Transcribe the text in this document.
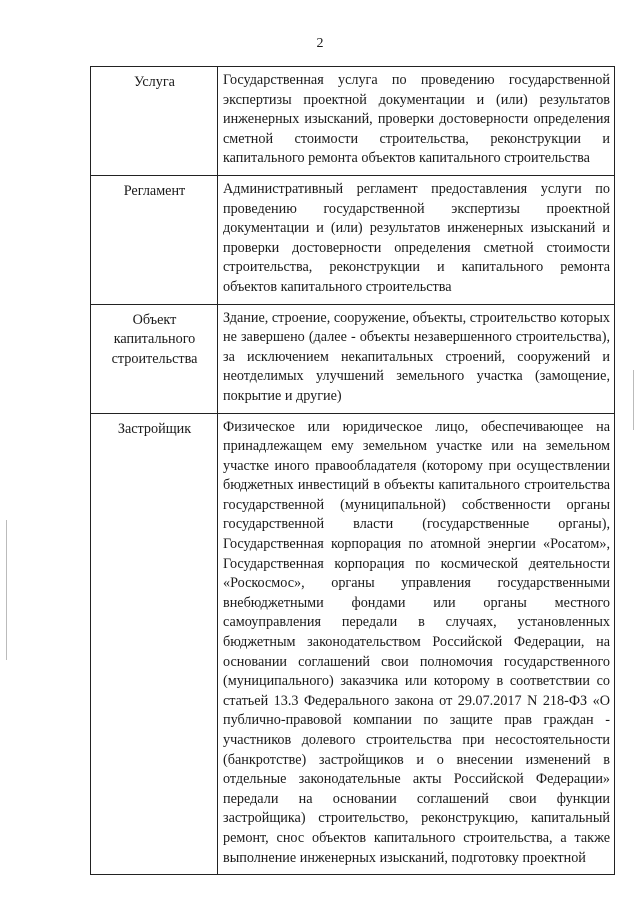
2
Услуга	Государственная услуга по проведению государственной экспертизы проектной документации и (или) результатов инженерных изысканий, проверки достоверности определения сметной стоимости строительства, реконструкции и капитального ремонта объектов капитального строительства
Регламент	Административный регламент предоставления услуги по проведению государственной экспертизы проектной документации и (или) результатов инженерных изысканий и проверки достоверности определения сметной стоимости строительства, реконструкции и капитального ремонта объектов капитального строительства
Объект капитального строительства	Здание, строение, сооружение, объекты, строительство которых не завершено (далее - объекты незавершенного строительства), за исключением некапитальных строений, сооружений и неотделимых улучшений земельного участка (замощение, покрытие и другие)
Застройщик	Физическое или юридическое лицо, обеспечивающее на принадлежащем ему земельном участке или на земельном участке иного правообладателя (которому при осуществлении бюджетных инвестиций в объекты капитального строительства государственной (муниципальной) собственности органы государственной власти (государственные органы), Государственная корпорация по атомной энергии «Росатом», Государственная корпорация по космической деятельности «Роскосмос», органы управления государственными внебюджетными фондами или органы местного самоуправления передали в случаях, установленных бюджетным законодательством Российской Федерации, на основании соглашений свои полномочия государственного (муниципального) заказчика или которому в соответствии со статьей 13.3 Федерального закона от 29.07.2017 N 218-ФЗ «О публично-правовой компании по защите прав граждан - участников долевого строительства при несостоятельности (банкротстве) застройщиков и о внесении изменений в отдельные законодательные акты Российской Федерации» передали на основании соглашений свои функции застройщика) строительство, реконструкцию, капитальный ремонт, снос объектов капитального строительства, а также выполнение инженерных изысканий, подготовку проектной
